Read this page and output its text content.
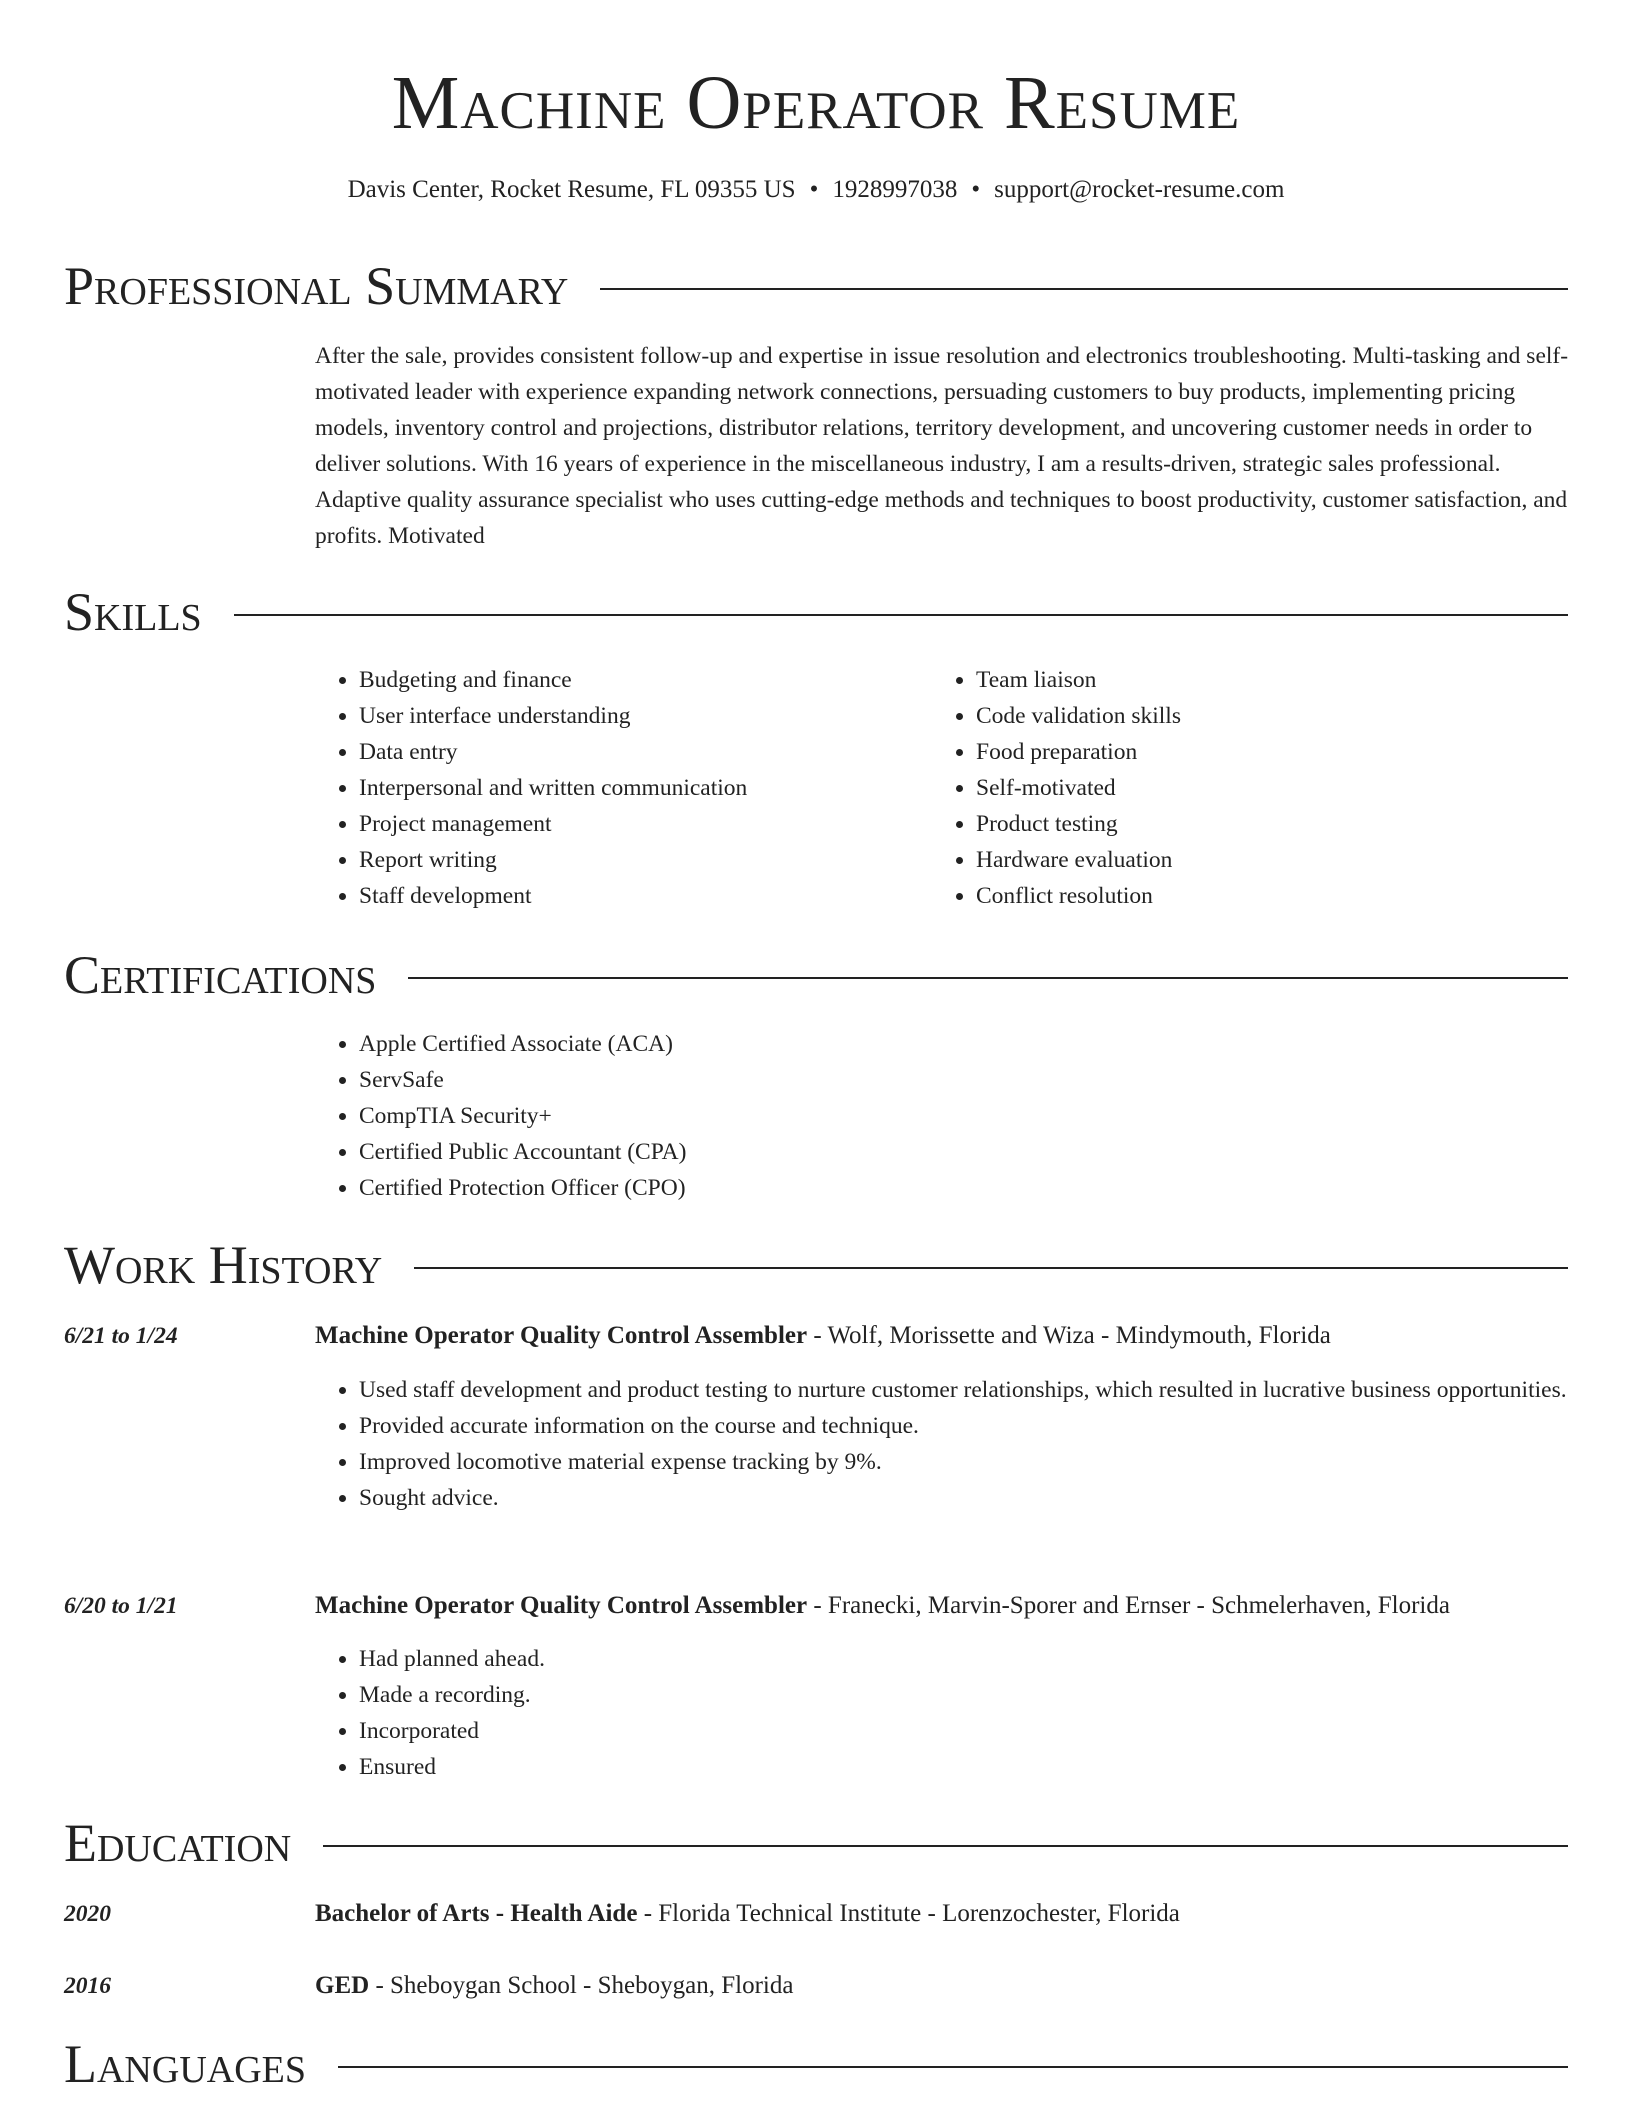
Machine Operator Resume
Davis Center, Rocket Resume, FL 09355 US • 1928997038 • support@rocket-resume.com
Professional Summary

After the sale, provides consistent follow-up and expertise in issue resolution and electronics troubleshooting. Multi-tasking and self-motivated leader with experience expanding network connections, persuading customers to buy products, implementing pricing models, inventory control and projections, distributor relations, territory development, and uncovering customer needs in order to deliver solutions. With 16 years of experience in the miscellaneous industry, I am a results-driven, strategic sales professional. Adaptive quality assurance specialist who uses cutting-edge methods and techniques to boost productivity, customer satisfaction, and profits. Motivated

Skills
• Budgeting and finance
• User interface understanding
• Data entry
• Interpersonal and written communication
• Project management
• Report writing
• Staff development
• Team liaison
• Code validation skills
• Food preparation
• Self-motivated
• Product testing
• Hardware evaluation
• Conflict resolution
Certifications
• Apple Certified Associate (ACA)
• ServSafe
• CompTIA Security+
• Certified Public Accountant (CPA)
• Certified Protection Officer (CPO)
Work History
6/21 to 1/24	Machine Operator Quality Control Assembler - Wolf, Morissette and Wiza - Mindymouth, Florida
• Used staff development and product testing to nurture customer relationships, which resulted in lucrative business opportunities.
• Provided accurate information on the course and technique.
• Improved locomotive material expense tracking by 9%.
• Sought advice.
6/20 to 1/21	Machine Operator Quality Control Assembler - Franecki, Marvin-Sporer and Ernser - Schmelerhaven, Florida
• Had planned ahead.
• Made a recording.
• Incorporated
• Ensured
Education
2020	Bachelor of Arts - Health Aide - Florida Technical Institute - Lorenzochester, Florida
2016	GED - Sheboygan School - Sheboygan, Florida
Languages
